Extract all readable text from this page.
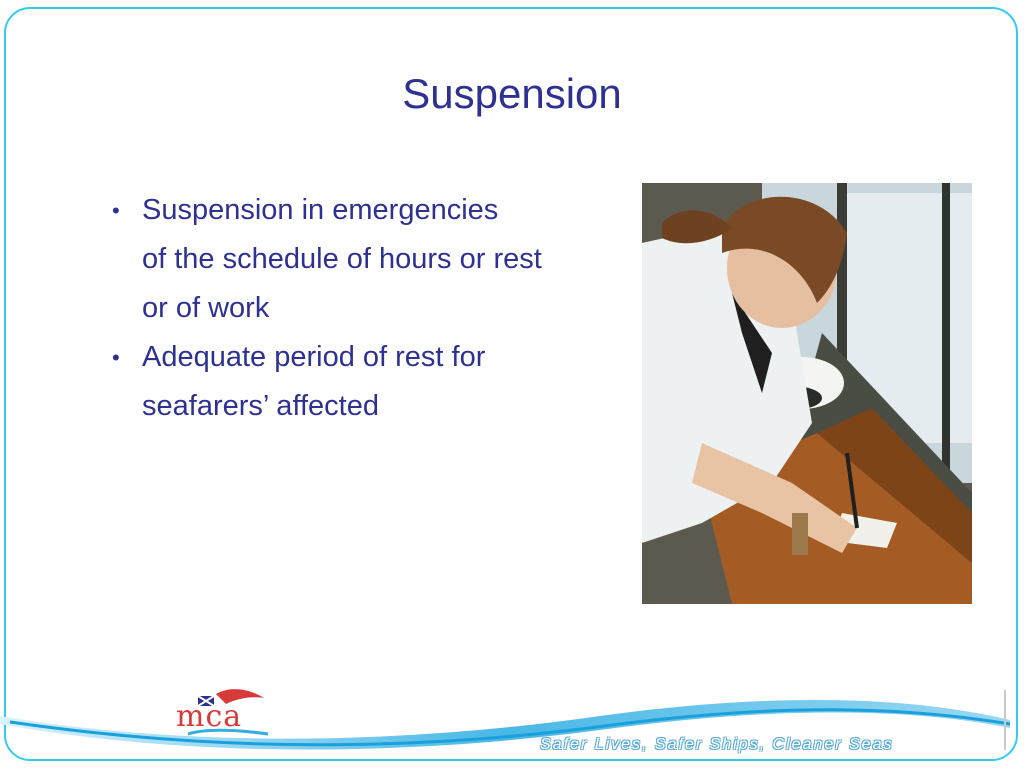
Suspension
• Suspension in emergencies
of the schedule of hours or rest
or of work
• Adequate period of rest for
seafarers’ affected
mca
Safer Lives, Safer Ships, Cleaner Seas
